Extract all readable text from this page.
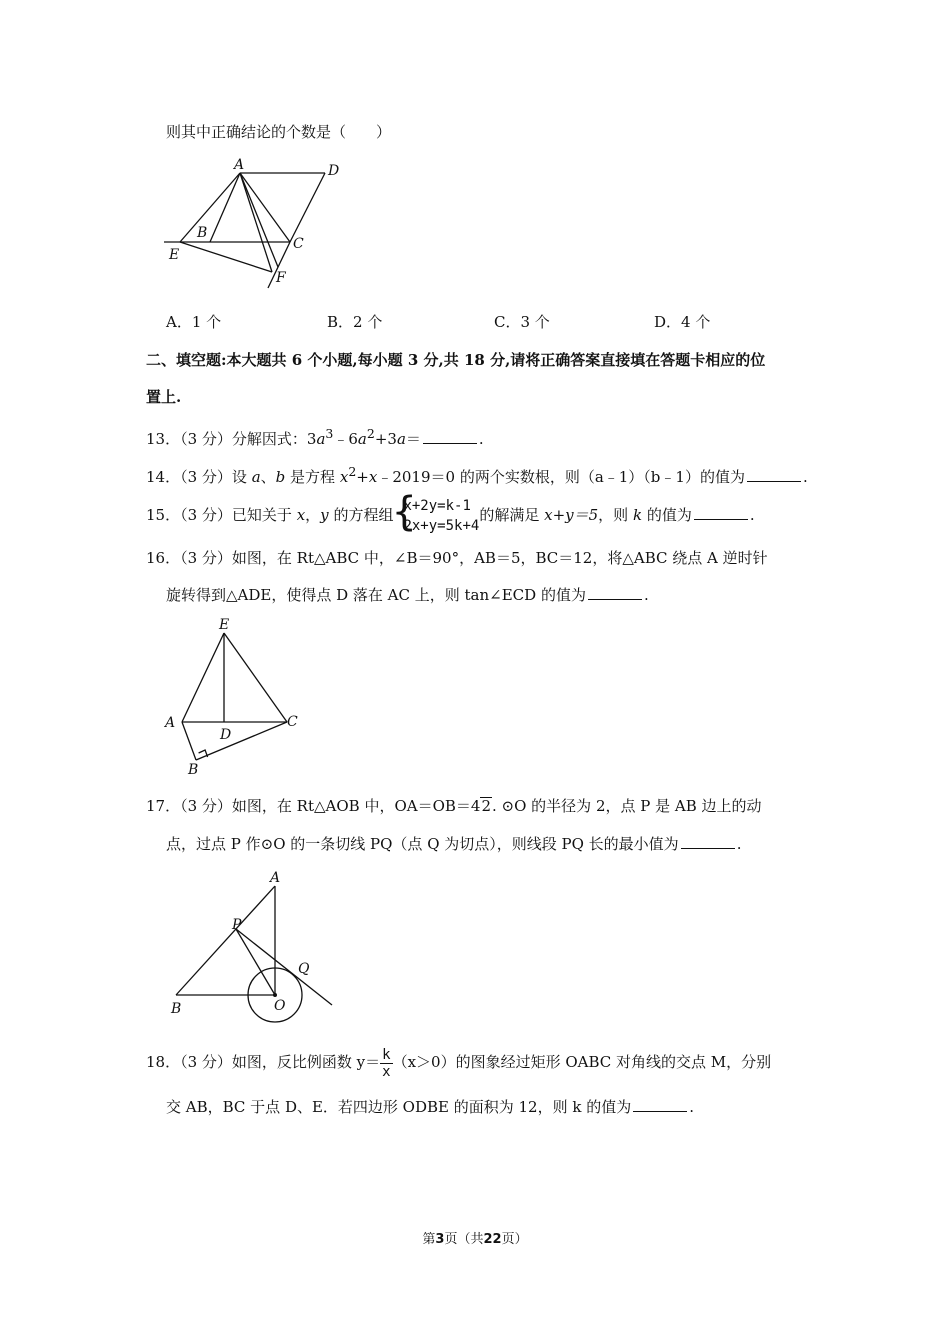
则其中正确结论的个数是（　　）
A	D
B
C
E
F
A．1 个	B．2 个	C．3 个	D．4 个
二、填空题:本大题共 6 个小题,每小题 3 分,共 18 分,请将正确答案直接填在答题卡相应的位
置上.
13．（3 分）分解因式：$3a^3﹣6a^2+3a=$	.
14．（3 分）设 a、b 是方程 $x^2+x﹣2019=0$ 的两个实数根，则（a﹣1）（b﹣1）的值为	.
15．（3 分）已知关于 x，y 的方程组
{
x+2y=k-1
2x+y=5k+4
的解满足 x+y＝5，则 k 的值为	.
16．（3 分）如图，在 Rt△ABC 中，∠B＝90°，AB＝5，BC＝12，将△ABC 绕点 A 逆时针
旋转得到△ADE，使得点 D 落在 AC 上，则 tan∠ECD 的值为	.
E
A
D
C
B
17．（3 分）如图，在 Rt△AOB 中，OA＝OB＝42. ⊙O 的半径为 2，点 P 是 AB 边上的动
点，过点 P 作⊙O 的一条切线 PQ（点 Q 为切点），则线段 PQ 长的最小值为	.
A
P
Q
B	O
18．（3 分）如图，反比例函数 $y= \frac{k}{x} (x>0)$的图象经过矩形 OABC 对角线的交点 M，分别
交 AB，BC 于点 D、E．若四边形 ODBE 的面积为 12，则 k 的值为	.
第3页（共22页）
